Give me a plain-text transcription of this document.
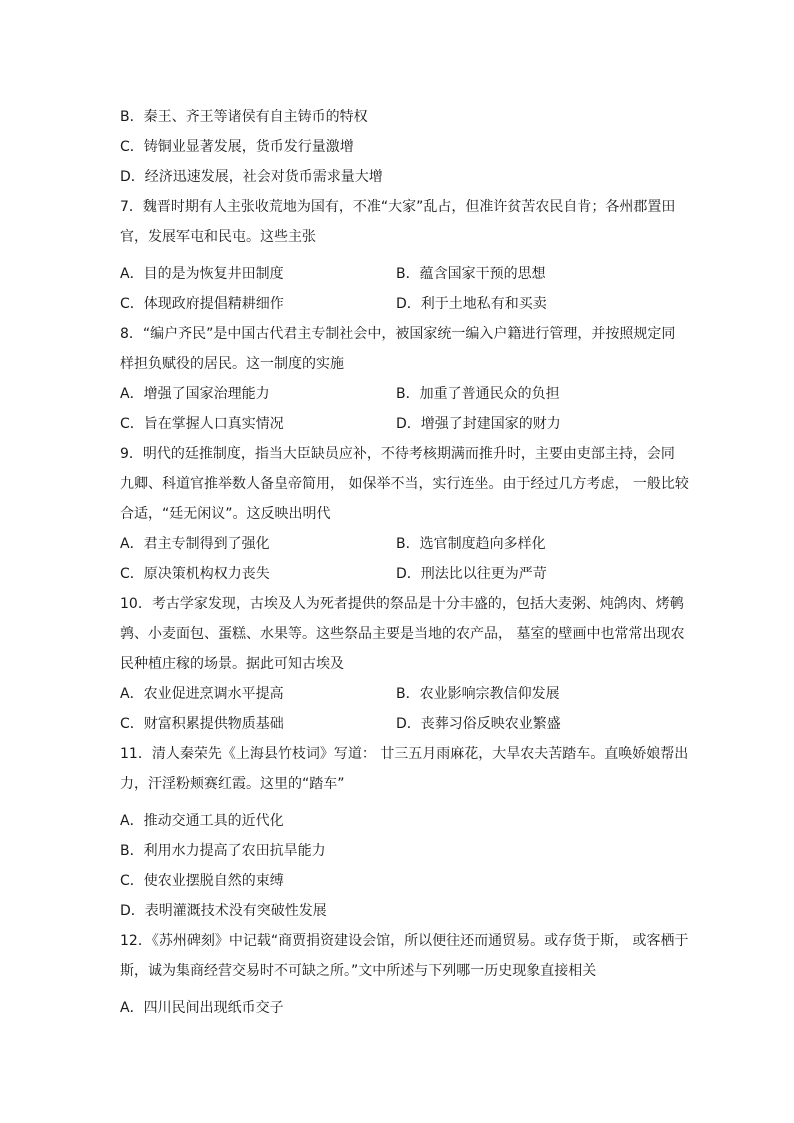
B．秦王、齐王等诸侯有自主铸币的特权
C．铸铜业显著发展，货币发行量激增
D．经济迅速发展，社会对货币需求量大增
7．魏晋时期有人主张收荒地为国有，不准“大家”乱占，但准许贫苦农民自肯；各州郡置田
官，发展军屯和民屯。这些主张
A．目的是为恢复井田制度	B．蕴含国家干预的思想
C．体现政府提倡精耕细作	D．利于土地私有和买卖
8．“编户齐民”是中国古代君主专制社会中，被国家统一编入户籍进行管理，并按照规定同
样担负赋役的居民。这一制度的实施
A．增强了国家治理能力	B．加重了普通民众的负担
C．旨在掌握人口真实情况	D．增强了封建国家的财力
9．明代的廷推制度，指当大臣缺员应补，不待考核期满而推升时，主要由吏部主持，会同
九卿、科道官推举数人备皇帝简用， 如保举不当，实行连坐。由于经过几方考虑， 一般比较
合适，“廷无闲议”。这反映出明代
A．君主专制得到了强化	B．选官制度趋向多样化
C．原决策机构权力丧失	D．刑法比以往更为严苛
10．考古学家发现，古埃及人为死者提供的祭品是十分丰盛的，包括大麦粥、炖鸽肉、烤鹌
鹑、小麦面包、蛋糕、水果等。这些祭品主要是当地的农产品， 墓室的壁画中也常常出现农
民种植庄稼的场景。据此可知古埃及
A．农业促进烹调水平提高	B．农业影响宗教信仰发展
C．财富积累提供物质基础	D．丧葬习俗反映农业繁盛
11．清人秦荣先《上海县竹枝词》写道： 廿三五月雨麻花，大旱农夫苦踏车。直唤娇娘帮出
力，汗淫粉颊赛红霞。这里的“踏车”
A．推动交通工具的近代化
B．利用水力提高了农田抗旱能力
C．使农业摆脱自然的束缚
D．表明灌溉技术没有突破性发展
12．《苏州碑刻》中记载“商贾捐资建设会馆，所以便往还而通贸易。或存货于斯， 或客栖于
斯，诚为集商经营交易时不可缺之所。”文中所述与下列哪一历史现象直接相关
A．四川民间出现纸币交子
